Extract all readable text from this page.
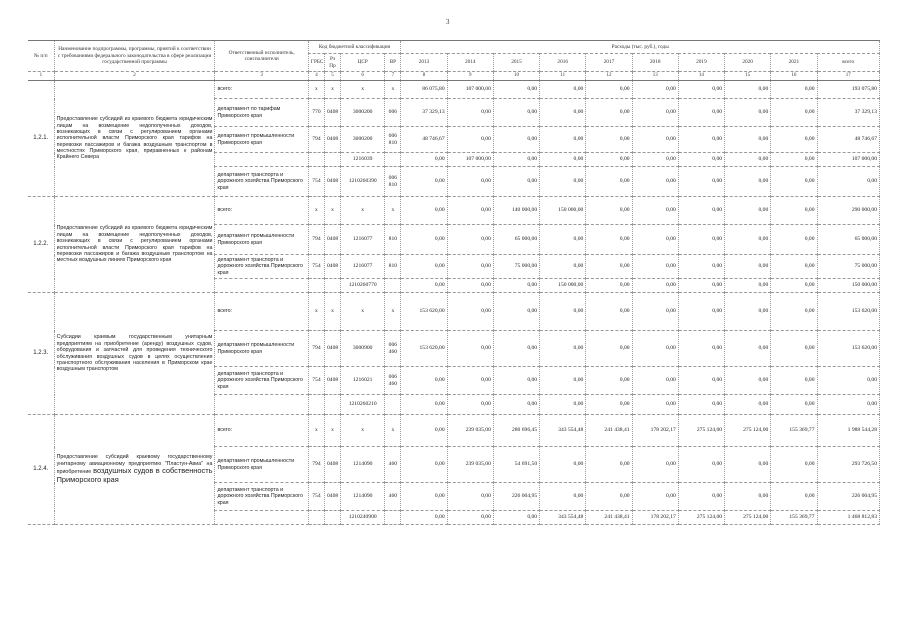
3
№ п/п	Наименование подпрограммы, программы, приятий к соответствии с требованиями федерального законодательства в сфере реализации государственной программы	Ответственный исполнитель, соисполнители	Код бюджетной классификации				Расходы (тыс. руб.), годы									
			ГРБС	Рз Пр	ЦСР	ВР	2013	2014	2015	2016	2017	2018	2019	2020	2021	всего
1	2	3	4	5	6	7	8	9	10	11	12	13	14	15	16	17
1.2.1.	Предоставление субсидий из краевого бюджета юридическим лицам на возмещение недополученных доходов, возникающих в связи с регулированием органами исполнительной власти Приморского края тарифов на перевозки пассажиров и багажа воздушным транспортом в местностях Приморского края, приравненных к районам Крайнего Севера	всего:	x	x	x	x	86 075,80	107 000,00	0,00	0,00	0,00	0,00	0,00	0,00	0,00	193 075,80
		департамент по тарифам Приморского края	770	0408	3000200	006	37 329,13	0,00	0,00	0,00	0,00	0,00	0,00	0,00	0,00	37 329,13
		департамент промышленности Приморского края	794	0408	3000200	006 810	48 746,67	0,00	0,00	0,00	0,00	0,00	0,00	0,00	0,00	48 746,67
					1216039		0,00	107 000,00	0,00	0,00	0,00	0,00	0,00	0,00	0,00	107 000,00
		департамент транспорта и дорожного хозяйства Приморского края	754	0408	1210260390	006 810	0,00	0,00	0,00	0,00	0,00	0,00	0,00	0,00	0,00	0,00
1.2.2.	Предоставление субсидий из краевого бюджета юридическим лицам на возмещение недополученных доходов, возникающих в связи с регулированием органами исполнительной власти Приморского края тарифов на перевозки пассажиров и багажа воздушным транспортом на местных воздушных линиях Приморского края	всего:	x	x	x	x	0,00	0,00	140 000,00	150 000,00	0,00	0,00	0,00	0,00	0,00	290 000,00
		департамент промышленности Приморского края	794	0408	1216077	810	0,00	0,00	65 000,00	0,00	0,00	0,00	0,00	0,00	0,00	65 000,00
		департамент транспорта и дорожного хозяйства Приморского края	754	0408	1216077	810	0,00	0,00	75 000,00	0,00	0,00	0,00	0,00	0,00	0,00	75 000,00
					1210260770		0,00	0,00	0,00	150 000,00	0,00	0,00	0,00	0,00	0,00	150 000,00
1.2.3.	Субсидии краевым государственным унитарным предприятиям на приобретение (аренду) воздушных судов, оборудования и запчастей для проведения технического обслуживания воздушных судов в целях осуществления транспортного обслуживания населения в Приморском крае воздушным транспортом	всего:	x	x	x	x	153 620,00	0,00	0,00	0,00	0,00	0,00	0,00	0,00	0,00	153 620,00
		департамент промышленности Приморского края	794	0408	3000900	006 460	153 620,00	0,00	0,00	0,00	0,00	0,00	0,00	0,00	0,00	153 620,00
		департамент транспорта и дорожного хозяйства Приморского края	754	0408	1216021	006 460	0,00	0,00	0,00	0,00	0,00	0,00	0,00	0,00	0,00	0,00
					1210260210		0,00	0,00	0,00	0,00	0,00	0,00	0,00	0,00	0,00	0,00
1.2.4.	Предоставление субсидий краевому государственному унитарному авиационному предприятию "Пластун-Авиа" на приобретение воздушных судов в собственность Приморского края	всего:	x	x	x	x	0,00	239 035,00	280 696,45	343 554,48	241 438,41	178 202,17	275 124,00	275 124,00	155 369,77	1 988 544,28
		департамент промышленности Приморского края	794	0408	1214090	460	0,00	239 035,00	54 691,50	0,00	0,00	0,00	0,00	0,00	0,00	293 726,50
		департамент транспорта и дорожного хозяйства Приморского края	754	0408	1214090	460	0,00	0,00	226 004,95	0,00	0,00	0,00	0,00	0,00	0,00	226 004,95
					1210240900		0,00	0,00	0,00	343 554,48	241 438,41	178 202,17	275 124,00	275 124,00	155 369,77	1 468 812,83
